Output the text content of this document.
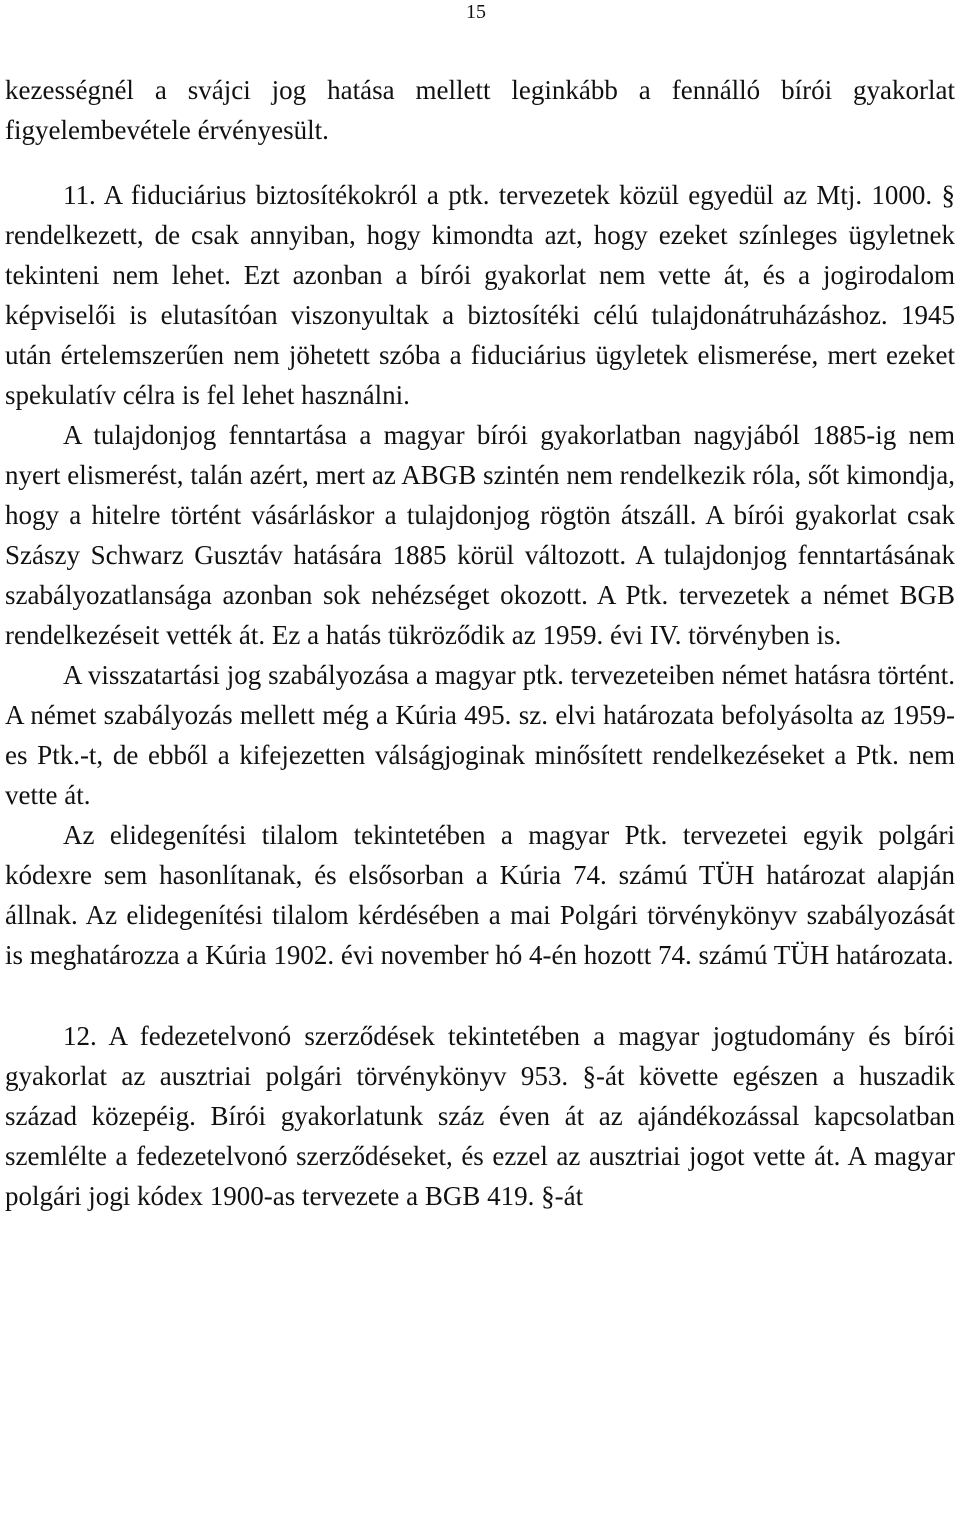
15

kezességnél a svájci jog hatása mellett leginkább a fennálló bírói gyakorlat figyelembevétele érvényesült.

11. A fiduciárius biztosítékokról a ptk. tervezetek közül egyedül az Mtj. 1000. § rendelkezett, de csak annyiban, hogy kimondta azt, hogy ezeket színleges ügyletnek tekinteni nem lehet. Ezt azonban a bírói gyakorlat nem vette át, és a jogirodalom képviselői is elutasítóan viszonyultak a biztosítéki célú tulajdonátruházáshoz. 1945 után értelemszerűen nem jöhetett szóba a fiduciárius ügyletek elismerése, mert ezeket spekulatív célra is fel lehet használni.

A tulajdonjog fenntartása a magyar bírói gyakorlatban nagyjából 1885-ig nem nyert elismerést, talán azért, mert az ABGB szintén nem rendelkezik róla, sőt kimondja, hogy a hitelre történt vásárláskor a tulajdonjog rögtön átszáll. A bírói gyakorlat csak Szászy Schwarz Gusztáv hatására 1885 körül változott. A tulajdonjog fenntartásának szabályozatlansága azonban sok nehézséget okozott. A Ptk. tervezetek a német BGB rendelkezéseit vették át. Ez a hatás tükröződik az 1959. évi IV. törvényben is.

A visszatartási jog szabályozása a magyar ptk. tervezeteiben német hatásra történt. A német szabályozás mellett még a Kúria 495. sz. elvi határozata befolyásolta az 1959-es Ptk.-t, de ebből a kifejezetten válságjoginak minősített rendelkezéseket a Ptk. nem vette át.

Az elidegenítési tilalom tekintetében a magyar Ptk. tervezetei egyik polgári kódexre sem hasonlítanak, és elsősorban a Kúria 74. számú TÜH határozat alapján állnak. Az elidegenítési tilalom kérdésében a mai Polgári törvénykönyv szabályozását is meghatározza a Kúria 1902. évi november hó 4-én hozott 74. számú TÜH határozata.

12. A fedezetelvonó szerződések tekintetében a magyar jogtudomány és bírói gyakorlat az ausztriai polgári törvénykönyv 953. §-át követte egészen a huszadik század közepéig. Bírói gyakorlatunk száz éven át az ajándékozással kapcsolatban szemlélte a fedezetelvonó szerződéseket, és ezzel az ausztriai jogot vette át. A magyar polgári jogi kódex 1900-as tervezete a BGB 419. §-át
